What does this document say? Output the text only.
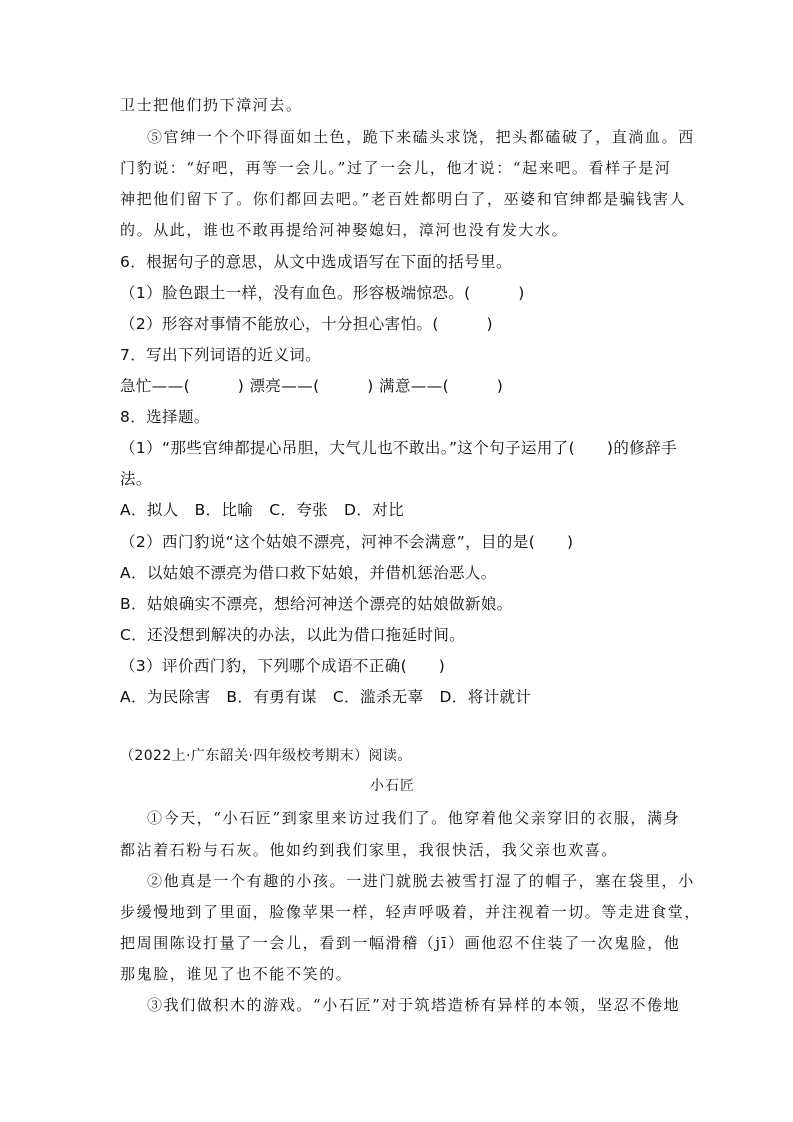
卫士把他们扔下漳河去。
⑤官绅一个个吓得面如土色，跪下来磕头求饶，把头都磕破了，直淌血。西
门豹说：“好吧，再等一会儿。”过了一会儿，他才说：“起来吧。看样子是河
神把他们留下了。你们都回去吧。”老百姓都明白了，巫婆和官绅都是骗钱害人
的。从此，谁也不敢再提给河神娶媳妇，漳河也没有发大水。
6．根据句子的意思，从文中选成语写在下面的括号里。
（1）脸色跟土一样，没有血色。形容极端惊恐。(　　　)
（2）形容对事情不能放心，十分担心害怕。(　　　)
7．写出下列词语的近义词。
急忙——(　　　) 漂亮——(　　　) 满意——(　　　)
8．选择题。
（1）“那些官绅都提心吊胆，大气儿也不敢出。”这个句子运用了(　　)的修辞手
法。
A．拟人　B．比喻　C．夸张　D．对比
（2）西门豹说“这个姑娘不漂亮，河神不会满意”，目的是(　　)
A．以姑娘不漂亮为借口救下姑娘，并借机惩治恶人。
B．姑娘确实不漂亮，想给河神送个漂亮的姑娘做新娘。
C．还没想到解决的办法，以此为借口拖延时间。
（3）评价西门豹，下列哪个成语不正确(　　)
A．为民除害　B．有勇有谋　C．滥杀无辜　D．将计就计
（2022上·广东韶关·四年级校考期末）阅读。
小石匠
①今天，“小石匠”到家里来访过我们了。他穿着他父亲穿旧的衣服，满身
都沾着石粉与石灰。他如约到我们家里，我很快活，我父亲也欢喜。
②他真是一个有趣的小孩。一进门就脱去被雪打湿了的帽子，塞在袋里，小
步缓慢地到了里面，脸像苹果一样，轻声呼吸着，并注视着一切。等走进食堂，
把周围陈设打量了一会儿，看到一幅滑稽（jī）画他忍不住装了一次鬼脸，他
那鬼脸，谁见了也不能不笑的。
③我们做积木的游戏。“小石匠”对于筑塔造桥有异样的本领，坚忍不倦地
